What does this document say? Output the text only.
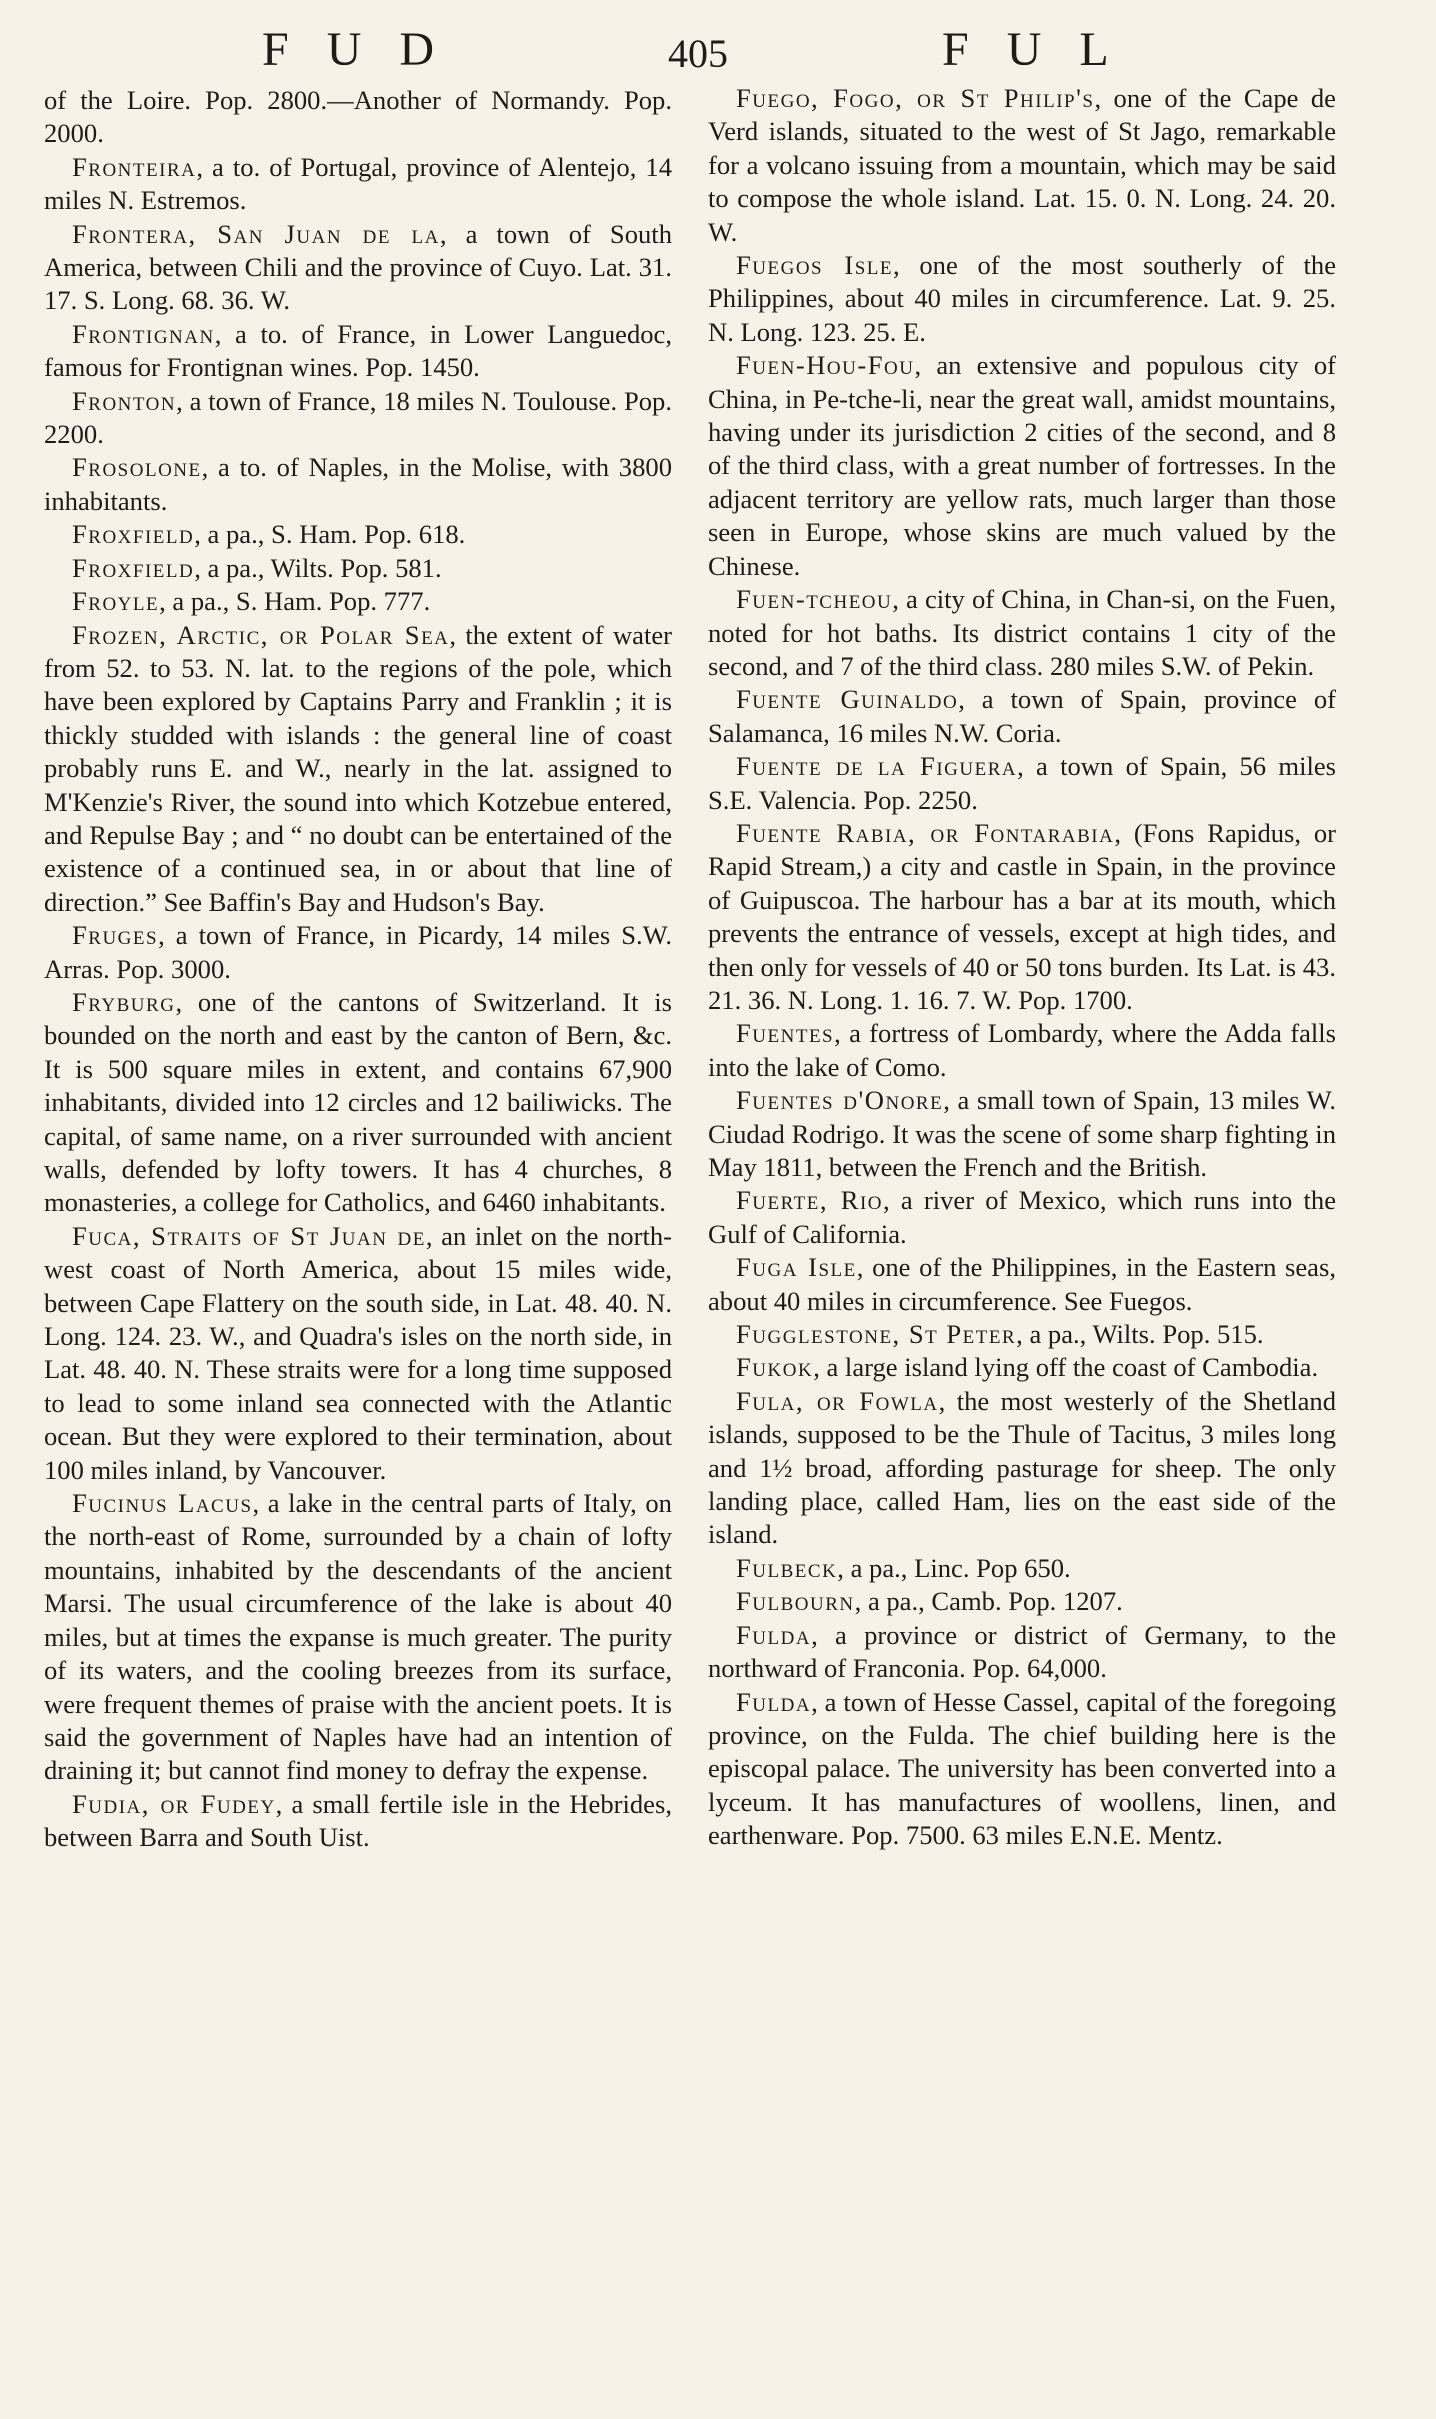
FUD	405	FUL

of the Loire. Pop. 2800.—Another of Normandy. Pop. 2000.

Fronteira, a to. of Portugal, province of Alentejo, 14 miles N. Estremos.

Frontera, San Juan de la, a town of South America, between Chili and the province of Cuyo. Lat. 31. 17. S. Long. 68. 36. W.

Frontignan, a to. of France, in Lower Languedoc, famous for Frontignan wines. Pop. 1450.

Fronton, a town of France, 18 miles N. Toulouse. Pop. 2200.

Frosolone, a to. of Naples, in the Molise, with 3800 inhabitants.

Froxfield, a pa., S. Ham. Pop. 618.

Froxfield, a pa., Wilts. Pop. 581.

Froyle, a pa., S. Ham. Pop. 777.

Frozen, Arctic, or Polar Sea, the extent of water from 52. to 53. N. lat. to the regions of the pole, which have been explored by Captains Parry and Franklin ; it is thickly studded with islands : the general line of coast probably runs E. and W., nearly in the lat. assigned to M'Kenzie's River, the sound into which Kotzebue entered, and Repulse Bay ; and “ no doubt can be entertained of the existence of a continued sea, in or about that line of direction.” See Baffin's Bay and Hudson's Bay.

Fruges, a town of France, in Picardy, 14 miles S.W. Arras. Pop. 3000.

Fryburg, one of the cantons of Switzerland. It is bounded on the north and east by the canton of Bern, &c. It is 500 square miles in extent, and contains 67,900 inhabitants, divided into 12 circles and 12 bailiwicks. The capital, of same name, on a river surrounded with ancient walls, defended by lofty towers. It has 4 churches, 8 monasteries, a college for Catholics, and 6460 inhabitants.

Fuca, Straits of St Juan de, an inlet on the north-west coast of North America, about 15 miles wide, between Cape Flattery on the south side, in Lat. 48. 40. N. Long. 124. 23. W., and Quadra's isles on the north side, in Lat. 48. 40. N. These straits were for a long time supposed to lead to some inland sea connected with the Atlantic ocean. But they were explored to their termination, about 100 miles inland, by Vancouver.

Fucinus Lacus, a lake in the central parts of Italy, on the north-east of Rome, surrounded by a chain of lofty mountains, inhabited by the descendants of the ancient Marsi. The usual circumference of the lake is about 40 miles, but at times the expanse is much greater. The purity of its waters, and the cooling breezes from its surface, were frequent themes of praise with the ancient poets. It is said the government of Naples have had an intention of draining it; but cannot find money to defray the expense.

Fudia, or Fudey, a small fertile isle in the Hebrides, between Barra and South Uist.

Fuego, Fogo, or St Philip's, one of the Cape de Verd islands, situated to the west of St Jago, remarkable for a volcano issuing from a mountain, which may be said to compose the whole island. Lat. 15. 0. N. Long. 24. 20. W.

Fuegos Isle, one of the most southerly of the Philippines, about 40 miles in circumference. Lat. 9. 25. N. Long. 123. 25. E.

Fuen-Hou-Fou, an extensive and populous city of China, in Pe-tche-li, near the great wall, amidst mountains, having under its jurisdiction 2 cities of the second, and 8 of the third class, with a great number of fortresses. In the adjacent territory are yellow rats, much larger than those seen in Europe, whose skins are much valued by the Chinese.

Fuen-tcheou, a city of China, in Chan-si, on the Fuen, noted for hot baths. Its district contains 1 city of the second, and 7 of the third class. 280 miles S.W. of Pekin.

Fuente Guinaldo, a town of Spain, province of Salamanca, 16 miles N.W. Coria.

Fuente de la Figuera, a town of Spain, 56 miles S.E. Valencia. Pop. 2250.

Fuente Rabia, or Fontarabia, (Fons Rapidus, or Rapid Stream,) a city and castle in Spain, in the province of Guipuscoa. The harbour has a bar at its mouth, which prevents the entrance of vessels, except at high tides, and then only for vessels of 40 or 50 tons burden. Its Lat. is 43. 21. 36. N. Long. 1. 16. 7. W. Pop. 1700.

Fuentes, a fortress of Lombardy, where the Adda falls into the lake of Como.

Fuentes d'Onore, a small town of Spain, 13 miles W. Ciudad Rodrigo. It was the scene of some sharp fighting in May 1811, between the French and the British.

Fuerte, Rio, a river of Mexico, which runs into the Gulf of California.

Fuga Isle, one of the Philippines, in the Eastern seas, about 40 miles in circumference. See Fuegos.

Fugglestone, St Peter, a pa., Wilts. Pop. 515.

Fukok, a large island lying off the coast of Cambodia.

Fula, or Fowla, the most westerly of the Shetland islands, supposed to be the Thule of Tacitus, 3 miles long and 1½ broad, affording pasturage for sheep. The only landing place, called Ham, lies on the east side of the island.

Fulbeck, a pa., Linc. Pop 650.

Fulbourn, a pa., Camb. Pop. 1207.

Fulda, a province or district of Germany, to the northward of Franconia. Pop. 64,000.

Fulda, a town of Hesse Cassel, capital of the foregoing province, on the Fulda. The chief building here is the episcopal palace. The university has been converted into a lyceum. It has manufactures of woollens, linen, and earthenware. Pop. 7500. 63 miles E.N.E. Mentz.
